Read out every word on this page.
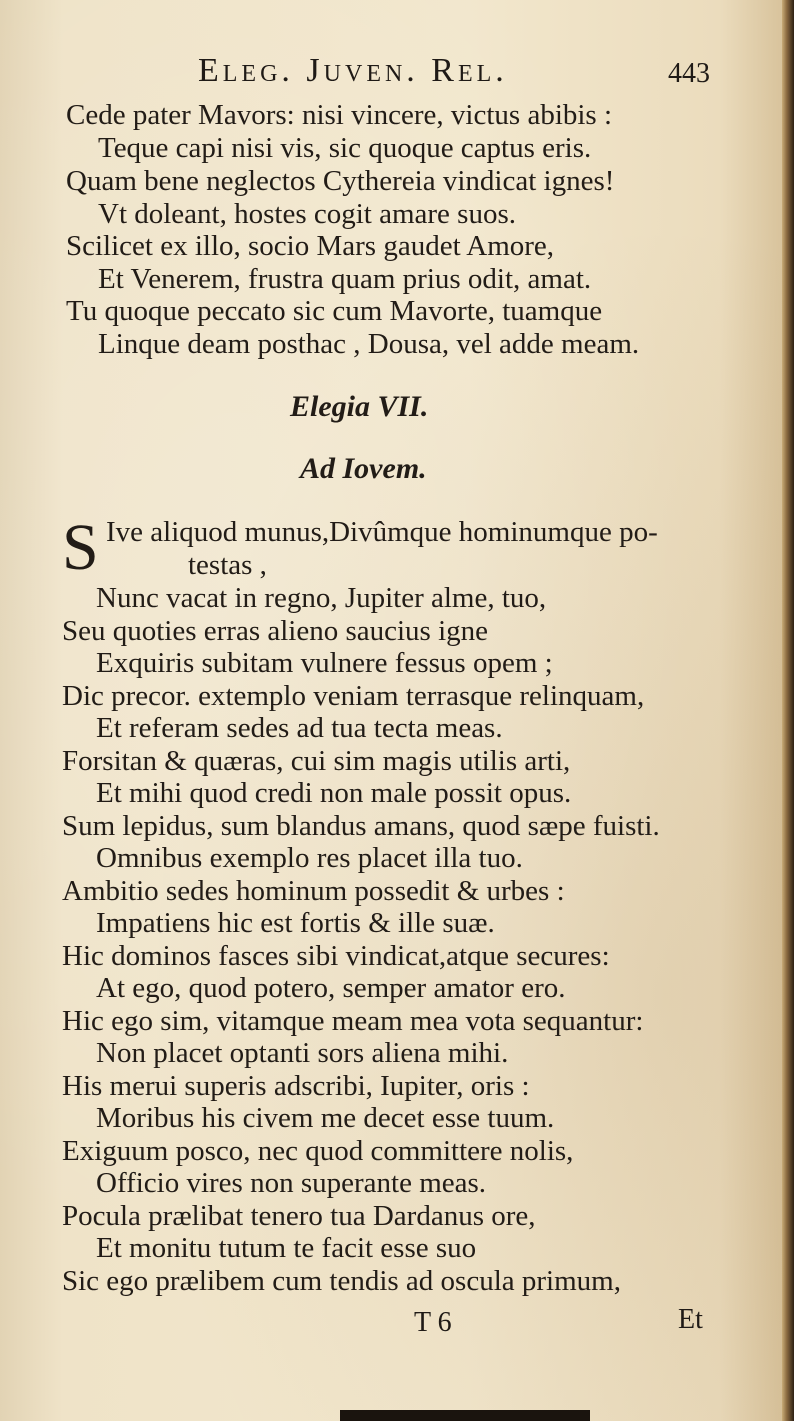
Eleg. Juven. Rel.	443
Cede pater Mavors: nisi vincere, victus abibis :
Teque capi nisi vis, sic quoque captus eris.
Quam bene neglectos Cythereia vindicat ignes!
Vt doleant, hostes cogit amare suos.
Scilicet ex illo, socio Mars gaudet Amore,
Et Venerem, frustra quam prius odit, amat.
Tu quoque peccato sic cum Mavorte, tuamque
Linque deam posthac , Dousa, vel adde meam.
Elegia VII.
Ad Iovem.
S Ive aliquod munus,Divûmque hominumque po-
testas ,
Nunc vacat in regno, Jupiter alme, tuo,
Seu quoties erras alieno saucius igne
Exquiris subitam vulnere fessus opem ;
Dic precor. extemplo veniam terrasque relinquam,
Et referam sedes ad tua tecta meas.
Forsitan & quæras, cui sim magis utilis arti,
Et mihi quod credi non male possit opus.
Sum lepidus, sum blandus amans, quod sæpe fuisti.
Omnibus exemplo res placet illa tuo.
Ambitio sedes hominum possedit & urbes :
Impatiens hic est fortis & ille suæ.
Hic dominos fasces sibi vindicat,atque secures:
At ego, quod potero, semper amator ero.
Hic ego sim, vitamque meam mea vota sequantur:
Non placet optanti sors aliena mihi.
His merui superis adscribi, Iupiter, oris :
Moribus his civem me decet esse tuum.
Exiguum posco, nec quod committere nolis,
Officio vires non superante meas.
Pocula prælibat tenero tua Dardanus ore,
Et monitu tutum te facit esse suo
Sic ego prælibem cum tendis ad oscula primum,
T 6	Et
